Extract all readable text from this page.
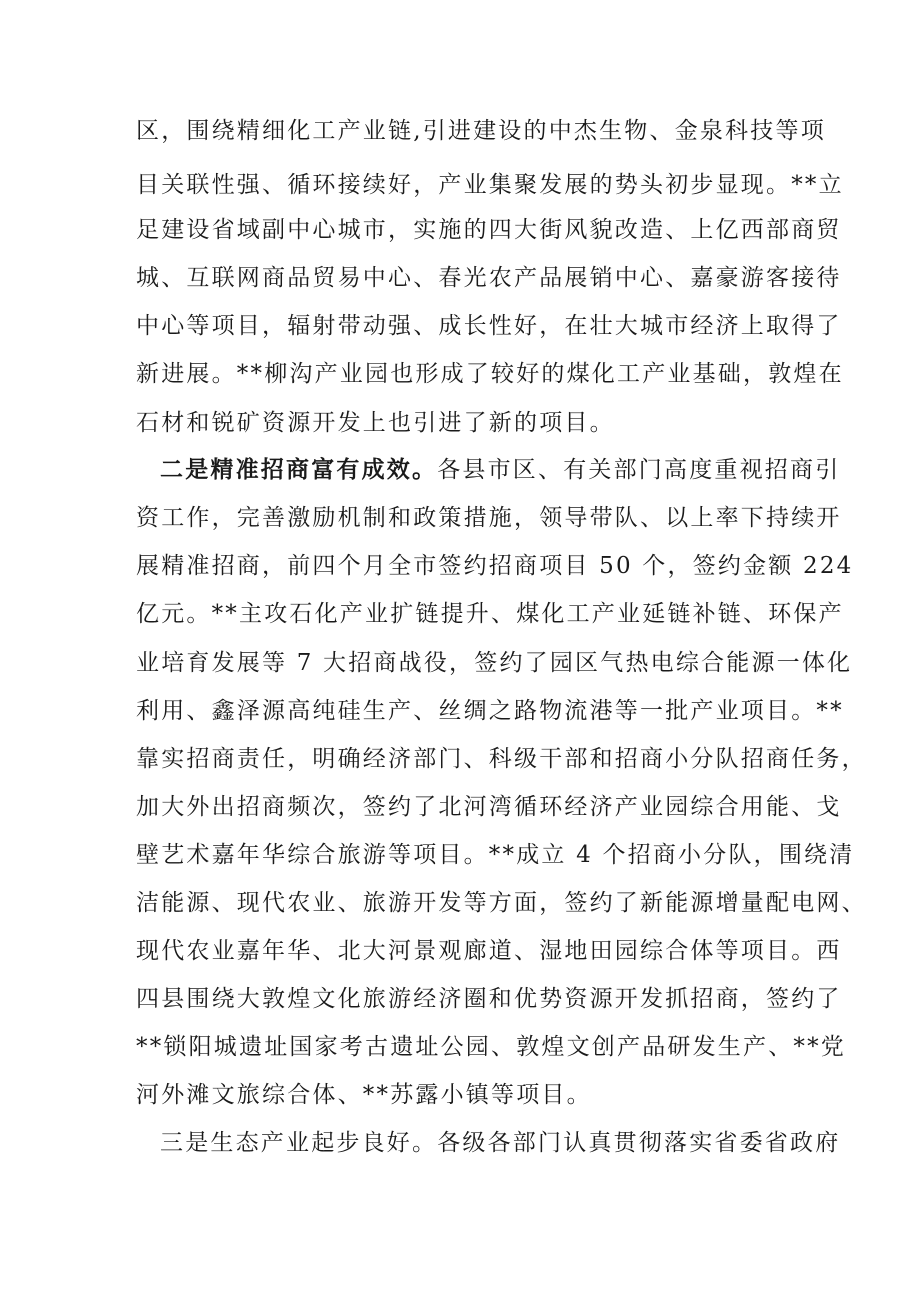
区，围绕精细化工产业链,引进建设的中杰生物、金泉科技等项
目关联性强、循环接续好，产业集聚发展的势头初步显现。**立
足建设省域副中心城市，实施的四大街风貌改造、上亿西部商贸
城、互联网商品贸易中心、春光农产品展销中心、嘉豪游客接待
中心等项目，辐射带动强、成长性好，在壮大城市经济上取得了
新进展。**柳沟产业园也形成了较好的煤化工产业基础，敦煌在
石材和锐矿资源开发上也引进了新的项目。
二是精准招商富有成效。各县市区、有关部门高度重视招商引
资工作，完善激励机制和政策措施，领导带队、以上率下持续开
展精准招商，前四个月全市签约招商项目 50 个，签约金额 224
亿元。**主攻石化产业扩链提升、煤化工产业延链补链、环保产
业培育发展等 7 大招商战役，签约了园区气热电综合能源一体化
利用、鑫泽源高纯硅生产、丝绸之路物流港等一批产业项目。**
靠实招商责任，明确经济部门、科级干部和招商小分队招商任务，
加大外出招商频次，签约了北河湾循环经济产业园综合用能、戈
壁艺术嘉年华综合旅游等项目。**成立 4 个招商小分队，围绕清
洁能源、现代农业、旅游开发等方面，签约了新能源增量配电网、
现代农业嘉年华、北大河景观廊道、湿地田园综合体等项目。西
四县围绕大敦煌文化旅游经济圈和优势资源开发抓招商，签约了
**锁阳城遗址国家考古遗址公园、敦煌文创产品研发生产、**党
河外滩文旅综合体、**苏露小镇等项目。
三是生态产业起步良好。各级各部门认真贯彻落实省委省政府
